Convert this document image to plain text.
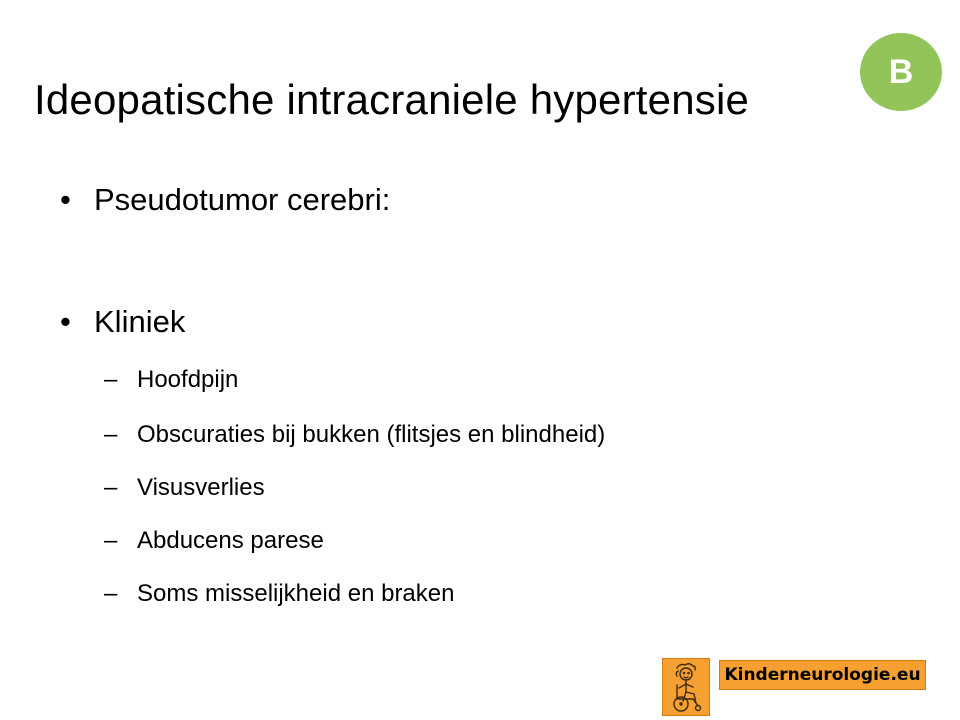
Ideopatische intracraniele hypertensie
B
• Pseudotumor cerebri:
• Kliniek
– Hoofdpijn
– Obscuraties bij bukken (flitsjes en blindheid)
– Visusverlies
– Abducens parese
– Soms misselijkheid en braken
Kinderneurologie.eu
